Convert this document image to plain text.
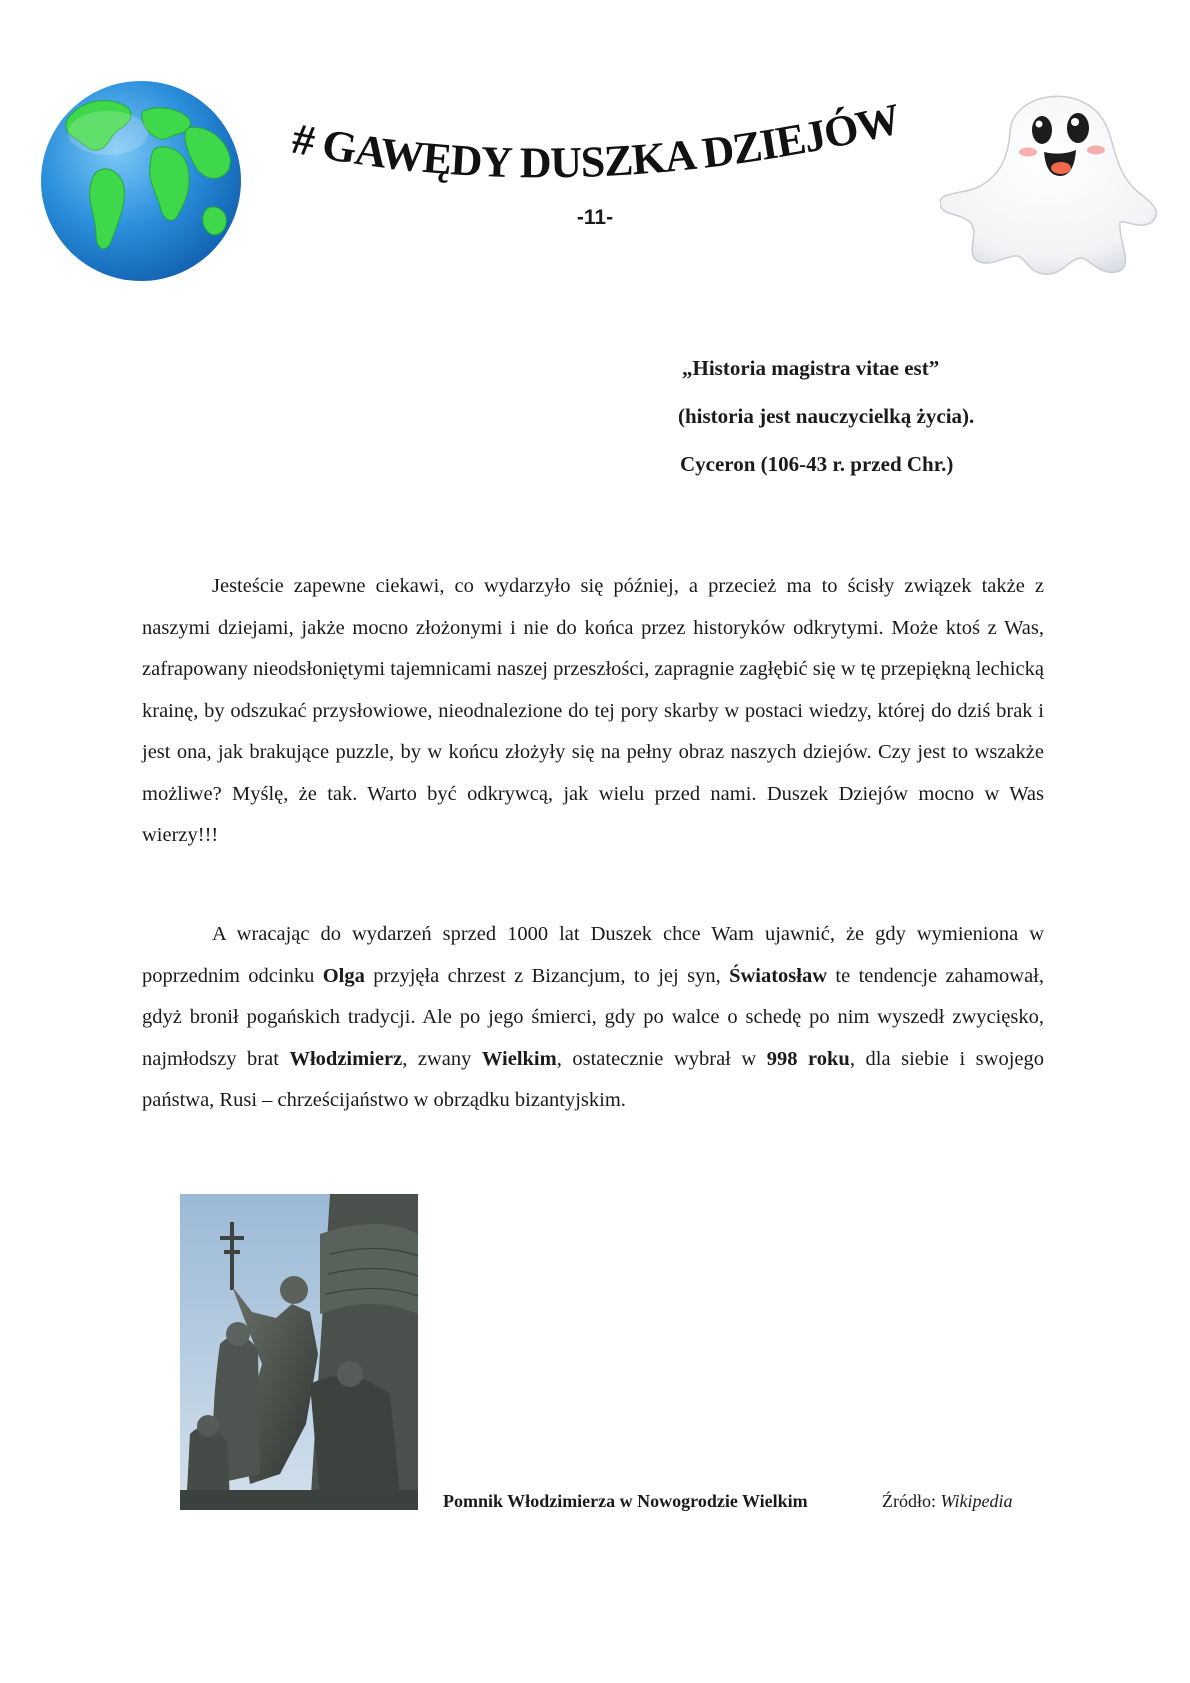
# GAWĘDY DUSZKA DZIEJÓW
-11-
„Historia magistra vitae est”
(historia jest nauczycielką życia).
Cyceron (106-43 r. przed Chr.)

Jesteście zapewne ciekawi, co wydarzyło się później, a przecież ma to ścisły związek także z naszymi dziejami, jakże mocno złożonymi i nie do końca przez historyków odkrytymi. Może ktoś z Was, zafrapowany nieodsłoniętymi tajemnicami naszej przeszłości, zapragnie zagłębić się w tę przepiękną lechicką krainę, by odszukać przysłowiowe, nieodnalezione do tej pory skarby w postaci wiedzy, której do dziś brak i jest ona, jak brakujące puzzle, by w końcu złożyły się na pełny obraz naszych dziejów. Czy jest to wszakże możliwe? Myślę, że tak. Warto być odkrywcą, jak wielu przed nami. Duszek Dziejów mocno w Was wierzy!!!

A wracając do wydarzeń sprzed 1000 lat Duszek chce Wam ujawnić, że gdy wymieniona w poprzednim odcinku Olga przyjęła chrzest z Bizancjum, to jej syn, Światosław te tendencje zahamował, gdyż bronił pogańskich tradycji. Ale po jego śmierci, gdy po walce o schedę po nim wyszedł zwycięsko, najmłodszy brat Włodzimierz, zwany Wielkim, ostatecznie wybrał w 998 roku, dla siebie i swojego państwa, Rusi – chrześcijaństwo w obrządku bizantyjskim.

Pomnik Włodzimierza w Nowogrodzie Wielkim	Źródło: Wikipedia
